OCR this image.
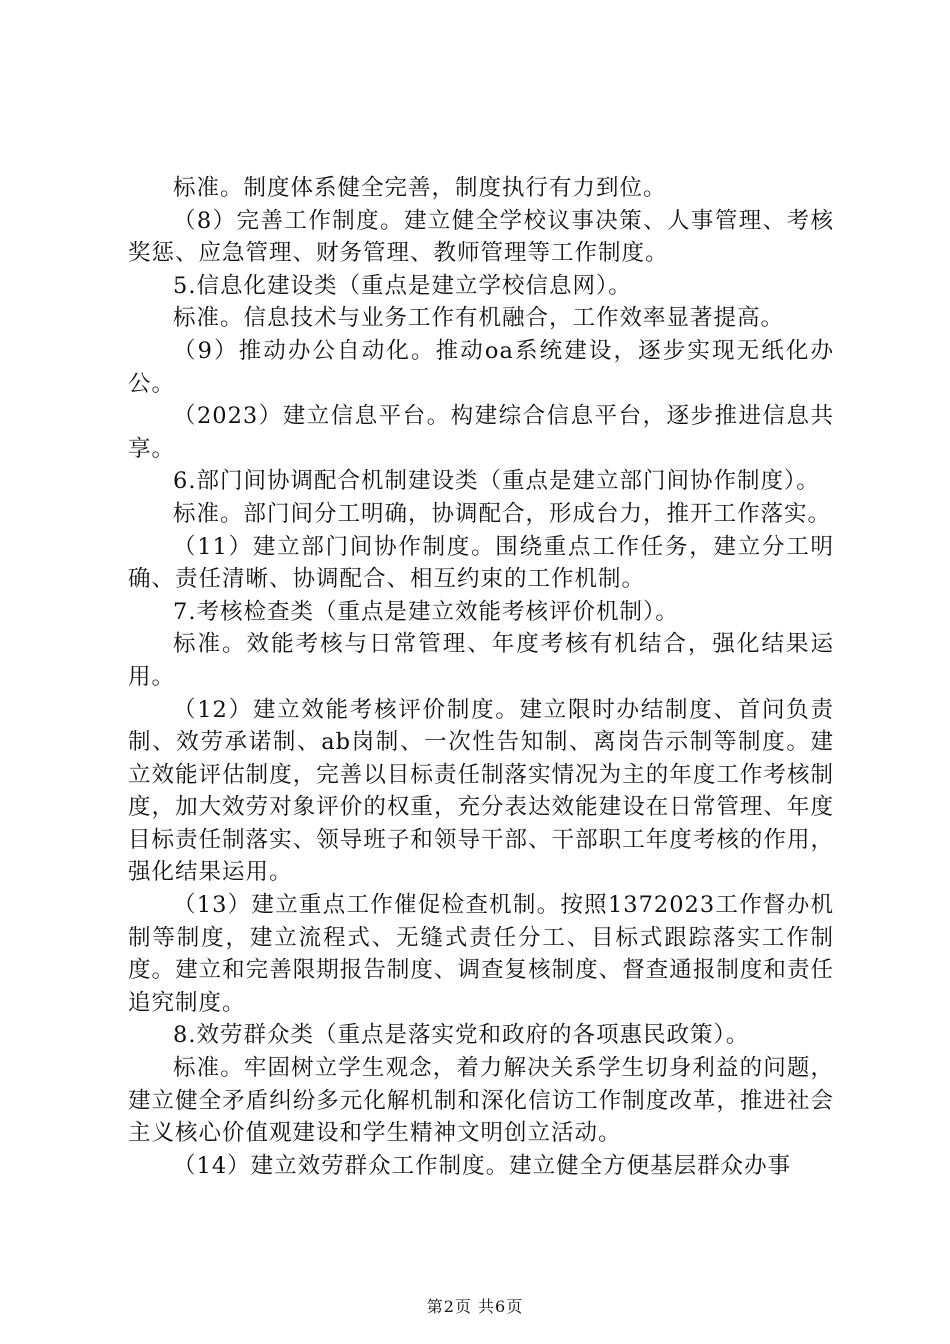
标准。制度体系健全完善，制度执行有力到位。

（8）完善工作制度。建立健全学校议事决策、人事管理、考核奖惩、应急管理、财务管理、教师管理等工作制度。

5.信息化建设类（重点是建立学校信息网）。

标准。信息技术与业务工作有机融合，工作效率显著提高。

（9）推动办公自动化。推动oa系统建设，逐步实现无纸化办公。

（2023）建立信息平台。构建综合信息平台，逐步推进信息共享。

6.部门间协调配合机制建设类（重点是建立部门间协作制度）。

标准。部门间分工明确，协调配合，形成台力，推开工作落实。

（11）建立部门间协作制度。围绕重点工作任务，建立分工明确、责任清晰、协调配合、相互约束的工作机制。

7.考核检查类（重点是建立效能考核评价机制）。

标准。效能考核与日常管理、年度考核有机结合，强化结果运用。

（12）建立效能考核评价制度。建立限时办结制度、首问负责制、效劳承诺制、ab岗制、一次性告知制、离岗告示制等制度。建立效能评估制度，完善以目标责任制落实情况为主的年度工作考核制度，加大效劳对象评价的权重，充分表达效能建设在日常管理、年度目标责任制落实、领导班子和领导干部、干部职工年度考核的作用，强化结果运用。

（13）建立重点工作催促检查机制。按照1372023工作督办机制等制度，建立流程式、无缝式责任分工、目标式跟踪落实工作制度。建立和完善限期报告制度、调查复核制度、督查通报制度和责任追究制度。

8.效劳群众类（重点是落实党和政府的各项惠民政策）。

标准。牢固树立学生观念，着力解决关系学生切身利益的问题，建立健全矛盾纠纷多元化解机制和深化信访工作制度改革，推进社会主义核心价值观建设和学生精神文明创立活动。

（14）建立效劳群众工作制度。建立健全方便基层群众办事

第2页 共6页
